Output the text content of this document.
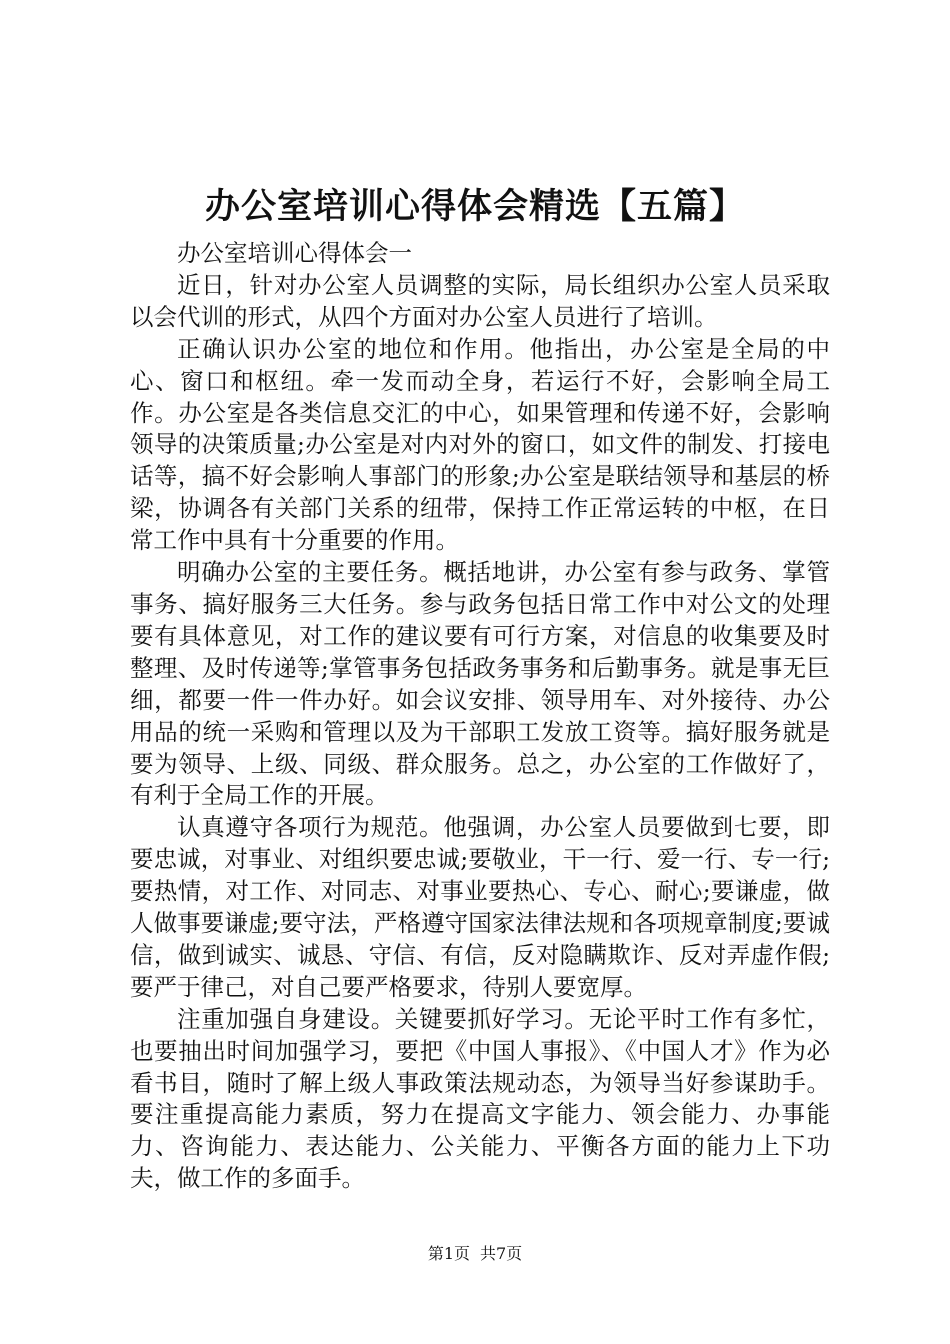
办公室培训心得体会精选【五篇】

办公室培训心得体会一

近日，针对办公室人员调整的实际，局长组织办公室人员采取以会代训的形式，从四个方面对办公室人员进行了培训。

正确认识办公室的地位和作用。他指出，办公室是全局的中心、窗口和枢纽。牵一发而动全身，若运行不好，会影响全局工作。办公室是各类信息交汇的中心，如果管理和传递不好，会影响领导的决策质量;办公室是对内对外的窗口，如文件的制发、打接电话等，搞不好会影响人事部门的形象;办公室是联结领导和基层的桥梁，协调各有关部门关系的纽带，保持工作正常运转的中枢，在日常工作中具有十分重要的作用。

明确办公室的主要任务。概括地讲，办公室有参与政务、掌管事务、搞好服务三大任务。参与政务包括日常工作中对公文的处理要有具体意见，对工作的建议要有可行方案，对信息的收集要及时整理、及时传递等;掌管事务包括政务事务和后勤事务。就是事无巨细，都要一件一件办好。如会议安排、领导用车、对外接待、办公用品的统一采购和管理以及为干部职工发放工资等。搞好服务就是要为领导、上级、同级、群众服务。总之，办公室的工作做好了，有利于全局工作的开展。

认真遵守各项行为规范。他强调，办公室人员要做到七要，即要忠诚，对事业、对组织要忠诚;要敬业，干一行、爱一行、专一行;要热情，对工作、对同志、对事业要热心、专心、耐心;要谦虚，做人做事要谦虚;要守法，严格遵守国家法律法规和各项规章制度;要诚信，做到诚实、诚恳、守信、有信，反对隐瞒欺诈、反对弄虚作假;要严于律己，对自己要严格要求，待别人要宽厚。

注重加强自身建设。关键要抓好学习。无论平时工作有多忙，也要抽出时间加强学习，要把《中国人事报》、《中国人才》作为必看书目，随时了解上级人事政策法规动态，为领导当好参谋助手。要注重提高能力素质，努力在提高文字能力、领会能力、办事能力、咨询能力、表达能力、公关能力、平衡各方面的能力上下功夫，做工作的多面手。

第1页 共7页
